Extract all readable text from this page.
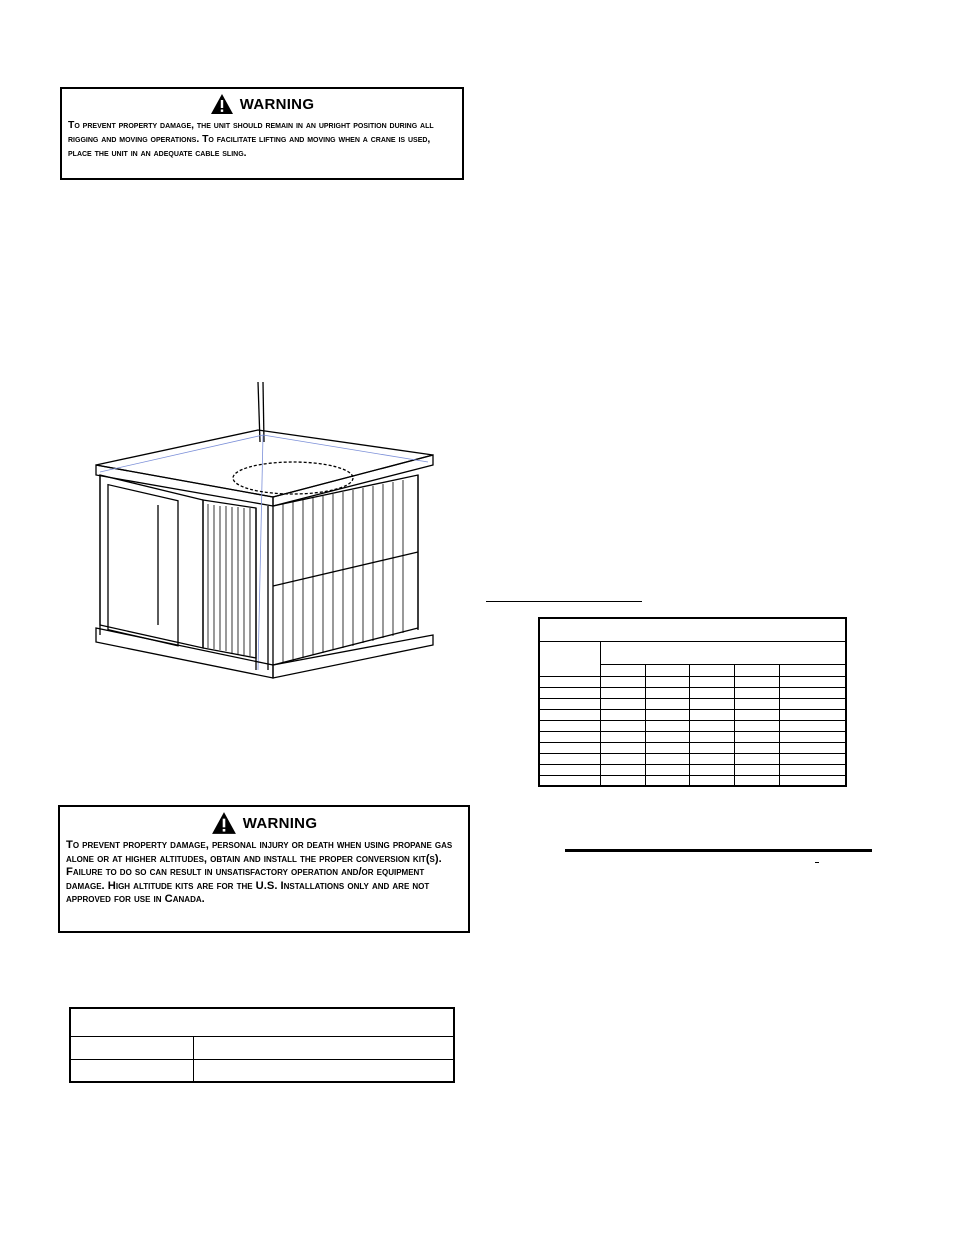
WARNING
To prevent property damage, the unit should remain in an upright position during all rigging and moving operations. To facilitate lifting and moving when a crane is used, place the unit in an adequate cable sling.
WARNING
To prevent property damage, personal injury or death when using propane gas alone or at higher altitudes, obtain and install the proper conversion kit(s). Failure to do so can result in unsatisfactory operation and/or equipment damage. High altitude kits are for the U.S. Installations only and are not approved for use in Canada.
